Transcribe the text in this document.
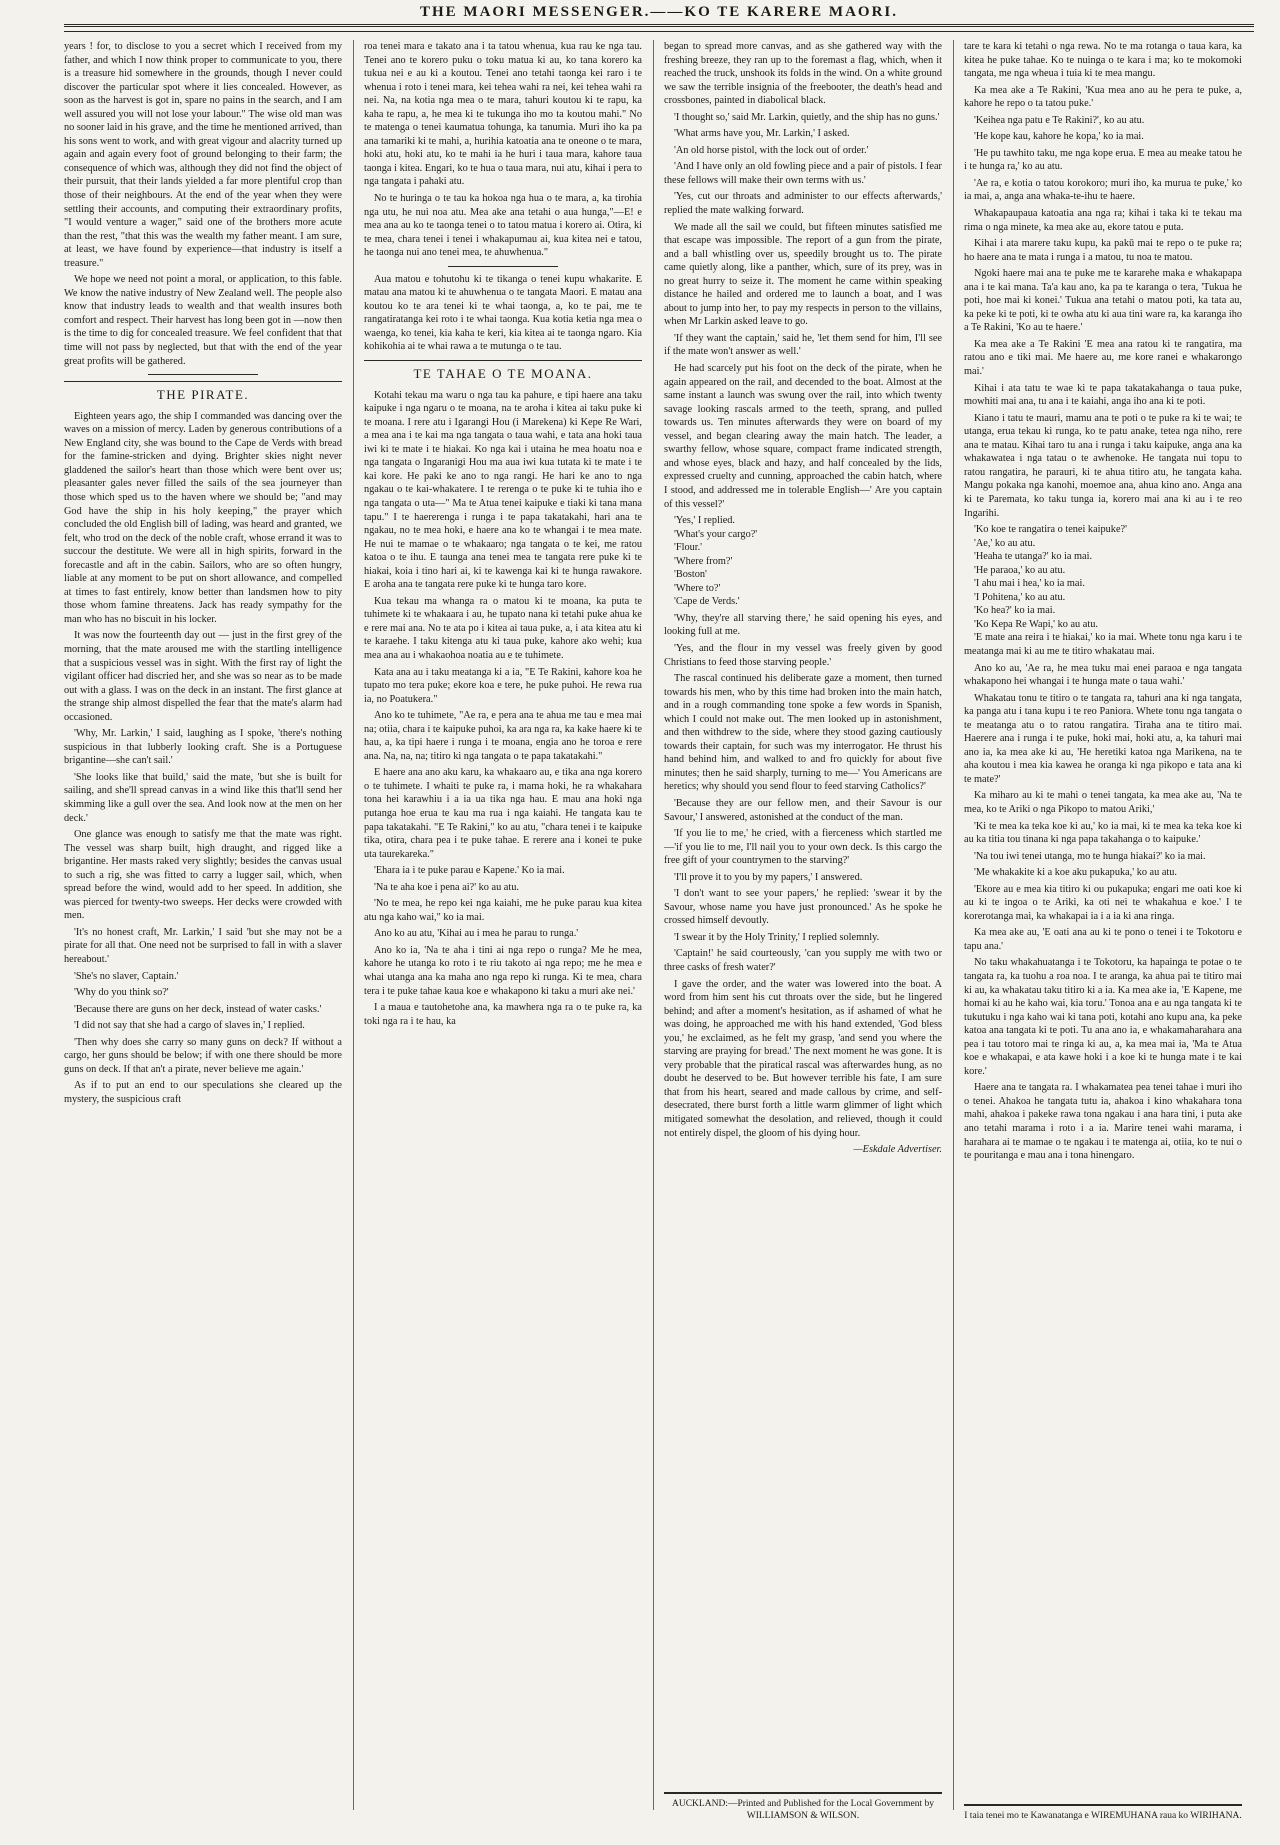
THE MAORI MESSENGER.——KO TE KARERE MAORI.

years ! for, to disclose to you a secret which I received from my father, and which I now think proper to communicate to you, there is a treasure hid somewhere in the grounds, though I never could discover the particular spot where it lies concealed. However, as soon as the harvest is got in, spare no pains in the search, and I am well assured you will not lose your labour." The wise old man was no sooner laid in his grave, and the time he mentioned arrived, than his sons went to work, and with great vigour and alacrity turned up again and again every foot of ground belonging to their farm; the consequence of which was, although they did not find the object of their pursuit, that their lands yielded a far more plentiful crop than those of their neighbours. At the end of the year when they were settling their accounts, and computing their extraordinary profits, "I would venture a wager," said one of the brothers more acute than the rest, "that this was the wealth my father meant. I am sure, at least, we have found by experience—that industry is itself a treasure."

We hope we need not point a moral, or application, to this fable. We know the native industry of New Zealand well. The people also know that industry leads to wealth and that wealth insures both comfort and respect. Their harvest has long been got in —now then is the time to dig for concealed treasure. We feel confident that that time will not pass by neglected, but that with the end of the year great profits will be gathered.

THE PIRATE.

Eighteen years ago, the ship I commanded was dancing over the waves on a mission of mercy. Laden by generous contributions of a New England city, she was bound to the Cape de Verds with bread for the famine-stricken and dying. Brighter skies night never gladdened the sailor's heart than those which were bent over us; pleasanter gales never filled the sails of the sea journeyer than those which sped us to the haven where we should be; "and may God have the ship in his holy keeping," the prayer which concluded the old English bill of lading, was heard and granted, we felt, who trod on the deck of the noble craft, whose errand it was to succour the destitute. We were all in high spirits, forward in the forecastle and aft in the cabin. Sailors, who are so often hungry, liable at any moment to be put on short allowance, and compelled at times to fast entirely, know better than landsmen how to pity those whom famine threatens. Jack has ready sympathy for the man who has no biscuit in his locker.

It was now the fourteenth day out — just in the first grey of the morning, that the mate aroused me with the startling intelligence that a suspicious vessel was in sight. With the first ray of light the vigilant officer had discried her, and she was so near as to be made out with a glass. I was on the deck in an instant. The first glance at the strange ship almost dispelled the fear that the mate's alarm had occasioned.

'Why, Mr. Larkin,' I said, laughing as I spoke, 'there's nothing suspicious in that lubberly looking craft. She is a Portuguese brigantine—she can't sail.'

'She looks like that build,' said the mate, 'but she is built for sailing, and she'll spread canvas in a wind like this that'll send her skimming like a gull over the sea. And look now at the men on her deck.'

One glance was enough to satisfy me that the mate was right. The vessel was sharp built, high draught, and rigged like a brigantine. Her masts raked very slightly; besides the canvas usual to such a rig, she was fitted to carry a lugger sail, which, when spread before the wind, would add to her speed. In addition, she was pierced for twenty-two sweeps. Her decks were crowded with men.

'It's no honest craft, Mr. Larkin,' I said 'but she may not be a pirate for all that. One need not be surprised to fall in with a slaver hereabout.'

'She's no slaver, Captain.'

'Why do you think so?'

'Because there are guns on her deck, instead of water casks.'

'I did not say that she had a cargo of slaves in,' I replied.

'Then why does she carry so many guns on deck? If without a cargo, her guns should be below; if with one there should be more guns on deck. If that an't a pirate, never believe me again.'

As if to put an end to our speculations she cleared up the mystery, the suspicious craft

roa tenei mara e takato ana i ta tatou whenua, kua rau ke nga tau. Tenei ano te korero puku o toku matua ki au, ko tana korero ka tukua nei e au ki a koutou. Tenei ano tetahi taonga kei raro i te whenua i roto i tenei mara, kei tehea wahi ra nei, kei tehea wahi ra nei. Na, na kotia nga mea o te mara, tahuri koutou ki te rapu, ka kaha te rapu, a, he mea ki te tukunga iho mo ta koutou mahi." No te matenga o tenei kaumatua tohunga, ka tanumia. Muri iho ka pa ana tamariki ki te mahi, a, hurihia katoatia ana te oneone o te mara, hoki atu, hoki atu, ko te mahi ia he huri i taua mara, kahore taua taonga i kitea. Engari, ko te hua o taua mara, nui atu, kihai i pera to nga tangata i pahaki atu.

No te huringa o te tau ka hokoa nga hua o te mara, a, ka tirohia nga utu, he nui noa atu. Mea ake ana tetahi o aua hunga,"—E! e mea ana au ko te taonga tenei o to tatou matua i korero ai. Otira, ki te mea, chara tenei i tenei i whakapumau ai, kua kitea nei e tatou, he taonga nui ano tenei mea, te ahuwhenua."

Aua matou e tohutohu ki te tikanga o tenei kupu whakarite. E matau ana matou ki te ahuwhenua o te tangata Maori. E matau ana koutou ko te ara tenei ki te whai taonga, a, ko te pai, me te rangatiratanga kei roto i te whai taonga. Kua kotia ketia nga mea o waenga, ko tenei, kia kaha te keri, kia kitea ai te taonga ngaro. Kia kohikohia ai te whai rawa a te mutunga o te tau.

TE TAHAE O TE MOANA.

Kotahi tekau ma waru o nga tau ka pahure, e tipi haere ana taku kaipuke i nga ngaru o te moana, na te aroha i kitea ai taku puke ki te moana. I rere atu i Igarangi Hou (i Marekena) ki Kepe Re Wari, a mea ana i te kai ma nga tangata o taua wahi, e tata ana hoki taua iwi ki te mate i te hiakai. Ko nga kai i utaina he mea hoatu noa e nga tangata o Ingaranigi Hou ma aua iwi kua tutata ki te mate i te kai kore. He paki ke ano to nga rangi. He hari ke ano to nga ngakau o te kai-whakatere. I te rerenga o te puke ki te tuhia iho e nga tangata o uta—" Ma te Atua tenei kaipuke e tiaki ki tana mana tapu." I te haererenga i runga i te papa takatakahi, hari ana te ngakau, no te mea hoki, e haere ana ko te whangai i te mea mate. He nui te mamae o te whakaaro; nga tangata o te kei, me ratou katoa o te ihu. E taunga ana tenei mea te tangata rere puke ki te hiakai, koia i tino hari ai, ki te kawenga kai ki te hunga rawakore. E aroha ana te tangata rere puke ki te hunga taro kore.

Kua tekau ma whanga ra o matou ki te moana, ka puta te tuhimete ki te whakaara i au, he tupato nana ki tetahi puke ahua ke e rere mai ana. No te ata po i kitea ai taua puke, a, i ata kitea atu ki te karaehe. I taku kitenga atu ki taua puke, kahore ako wehi; kua mea ana au i whakaohoa noatia au e te tuhimete.

Kata ana au i taku meatanga ki a ia, "E Te Rakini, kahore koa he tupato mo tera puke; ekore koa e tere, he puke puhoi. He rewa rua ia, no Poatukera."

Ano ko te tuhimete, "Ae ra, e pera ana te ahua me tau e mea mai na; otiia, chara i te kaipuke puhoi, ka ara nga ra, ka kake haere ki te hau, a, ka tipi haere i runga i te moana, engia ano he toroa e rere ana. Na, na, na; titiro ki nga tangata o te papa takatakahi."

E haere ana ano aku karu, ka whakaaro au, e tika ana nga korero o te tuhimete. I whaiti te puke ra, i mama hoki, he ra whakahara tona hei karawhiu i a ia ua tika nga hau. E mau ana hoki nga putanga hoe erua te kau ma rua i nga kaiahi. He tangata kau te papa takatakahi. "E Te Rakini," ko au atu, "chara tenei i te kaipuke tika, otira, chara pea i te puke tahae. E rerere ana i konei te puke uta taurekareka."

'Ehara ia i te puke parau e Kapene.' Ko ia mai.

'Na te aha koe i pena ai?' ko au atu.

'No te mea, he repo kei nga kaiahi, me he puke parau kua kitea atu nga kaho wai," ko ia mai.

Ano ko au atu, 'Kihai au i mea he parau to runga.'

Ano ko ia, 'Na te aha i tini ai nga repo o runga? Me he mea, kahore he utanga ko roto i te riu takoto ai nga repo; me he mea e whai utanga ana ka maha ano nga repo ki runga. Ki te mea, chara tera i te puke tahae kaua koe e whakapono ki taku a muri ake nei.'

I a maua e tautohetohe ana, ka mawhera nga ra o te puke ra, ka toki nga ra i te hau, ka

began to spread more canvas, and as she gathered way with the freshing breeze, they ran up to the foremast a flag, which, when it reached the truck, unshook its folds in the wind. On a white ground we saw the terrible insignia of the freebooter, the death's head and crossbones, painted in diabolical black.

'I thought so,' said Mr. Larkin, quietly, and the ship has no guns.'

'What arms have you, Mr. Larkin,' I asked.

'An old horse pistol, with the lock out of order.'

'And I have only an old fowling piece and a pair of pistols. I fear these fellows will make their own terms with us.'

'Yes, cut our throats and administer to our effects afterwards,' replied the mate walking forward.

We made all the sail we could, but fifteen minutes satisfied me that escape was impossible. The report of a gun from the pirate, and a ball whistling over us, speedily brought us to. The pirate came quietly along, like a panther, which, sure of its prey, was in no great hurry to seize it. The moment he came within speaking distance he hailed and ordered me to launch a boat, and I was about to jump into her, to pay my respects in person to the villains, when Mr Larkin asked leave to go.

'If they want the captain,' said he, 'let them send for him, I'll see if the mate won't answer as well.'

He had scarcely put his foot on the deck of the pirate, when he again appeared on the rail, and decended to the boat. Almost at the same instant a launch was swung over the rail, into which twenty savage looking rascals armed to the teeth, sprang, and pulled towards us. Ten minutes afterwards they were on board of my vessel, and began clearing away the main hatch. The leader, a swarthy fellow, whose square, compact frame indicated strength, and whose eyes, black and hazy, and half concealed by the lids, expressed cruelty and cunning, approached the cabin hatch, where I stood, and addressed me in tolerable English—' Are you captain of this vessel?'

'Yes,' I replied.

'What's your cargo?'

'Flour.'

'Where from?'

'Boston'

'Where to?'

'Cape de Verds.'

'Why, they're all starving there,' he said opening his eyes, and looking full at me.

'Yes, and the flour in my vessel was freely given by good Christians to feed those starving people.'

The rascal continued his deliberate gaze a moment, then turned towards his men, who by this time had broken into the main hatch, and in a rough commanding tone spoke a few words in Spanish, which I could not make out. The men looked up in astonishment, and then withdrew to the side, where they stood gazing cautiously towards their captain, for such was my interrogator. He thrust his hand behind him, and walked to and fro quickly for about five minutes; then he said sharply, turning to me—' You Americans are heretics; why should you send flour to feed starving Catholics?'

'Because they are our fellow men, and their Savour is our Savour,' I answered, astonished at the conduct of the man.

'If you lie to me,' he cried, with a fierceness which startled me—'if you lie to me, I'll nail you to your own deck. Is this cargo the free gift of your countrymen to the starving?'

'I'll prove it to you by my papers,' I answered.

'I don't want to see your papers,' he replied: 'swear it by the Savour, whose name you have just pronounced.' As he spoke he crossed himself devoutly.

'I swear it by the Holy Trinity,' I replied solemnly.

'Captain!' he said courteously, 'can you supply me with two or three casks of fresh water?'

I gave the order, and the water was lowered into the boat. A word from him sent his cut throats over the side, but he lingered behind; and after a moment's hesitation, as if ashamed of what he was doing, he approached me with his hand extended, 'God bless you,' he exclaimed, as he felt my grasp, 'and send you where the starving are praying for bread.' The next moment he was gone. It is very probable that the piratical rascal was afterwardes hung, as no doubt he deserved to be. But however terrible his fate, I am sure that from his heart, seared and made callous by crime, and self-desecrated, there burst forth a little warm glimmer of light which mitigated somewhat the desolation, and relieved, though it could not entirely dispel, the gloom of his dying hour.

—Eskdale Advertiser.

AUCKLAND:—Printed and Published for the Local Government by WILLIAMSON & WILSON.

tare te kara ki tetahi o nga rewa. No te ma rotanga o taua kara, ka kitea he puke tahae. Ko te nuinga o te kara i ma; ko te mokomoki tangata, me nga wheua i tuia ki te mea mangu.

Ka mea ake a Te Rakini, 'Kua mea ano au he pera te puke, a, kahore he repo o ta tatou puke.'

'Keihea nga patu e Te Rakini?', ko au atu.

'He kope kau, kahore he kopa,' ko ia mai.

'He pu tawhito taku, me nga kope erua. E mea au meake tatou he i te hunga ra,' ko au atu.

'Ae ra, e kotia o tatou korokoro; muri iho, ka muruа te puke,' ko ia mai, a, anga ana whaka-te-ihu te haere.

Whakapaupaua katoatia ana nga ra; kihai i taka ki te tekau ma rima o nga minete, ka mea ake au, ekore tatou e puta.

Kihai i ata marere taku kupu, ka pakū mai te repo o te puke ra; ho haere ana te mata i runga i a matou, tu noa te matou.

Ngoki haere mai ana te puke me te kararehe maka e whakapapa ana i te kai mana. Ta'a kau ano, ka pa te karanga o tera, 'Tukua he poti, hoe mai ki konei.' Tukua ana tetahi o matou poti, ka tata au, ka peke ki te poti, ki te owha atu ki aua tini ware ra, ka karanga iho a Te Rakini, 'Ko au te haere.'

Ka mea ake a Te Rakini 'E mea ana ratou ki te rangatira, ma ratou ano e tiki mai. Me haere au, me kore ranei e whakarongo mai.'

Kihai i ata tatu te wae ki te papa takatakahanga o taua puke, mowhiti mai ana, tu ana i te kaiahi, anga iho ana ki te poti.

Kiano i tatu te mauri, mamu ana te poti o te puke ra ki te wai; te utanga, erua tekau ki runga, ko te patu anake, tetea nga niho, rere ana te matau. Kihai taro tu ana i runga i taku kaipuke, anga ana ka whakawatea i nga tatau o te awhenoke. He tangata nui topu to ratou rangatira, he parauri, ki te ahua titiro atu, he tangata kaha. Mangu pokaka nga kanohi, moemoe ana, ahua kino ano. Anga ana ki te Paremata, ko taku tunga ia, korero mai ana ki au i te reo Ingarihi.

'Ko koe te rangatira o tenei kaipuke?'

'Ae,' ko au atu.

'Heaha te utanga?' ko ia mai.

'He paraoa,' ko au atu.

'I ahu mai i hea,' ko ia mai.

'I Pohitena,' ko au atu.

'Ko hea?' ko ia mai.

'Ko Kepa Re Wapi,' ko au atu.

'E mate ana reira i te hiakai,' ko ia mai. Whete tonu nga karu i te meatanga mai ki au me te titiro whakatau mai.

Ano ko au, 'Ae ra, he mea tuku mai enei paraoa e nga tangata whakapono hei whangai i te hunga mate o taua wahi.'

Whakatau tonu te titiro o te tangata ra, tahuri ana ki nga tangata, ka panga atu i tana kupu i te reo Paniora. Whete tonu nga tangata o te meatanga atu o to ratou rangatira. Tiraha ana te titiro mai. Haerere ana i runga i te puke, hoki mai, hoki atu, a, ka tahuri mai ano ia, ka mea ake ki au, 'He heretiki katoa nga Marikena, na te aha koutou i mea kia kawea he oranga ki nga pikopo e tata ana ki te mate?'

Ka miharo au ki te mahi o tenei tangata, ka mea ake au, 'Na te mea, ko te Ariki o nga Pikopo to matou Ariki,'

'Ki te mea ka teka koe ki au,' ko ia mai, ki te mea ka teka koe ki au ka titia tou tinana ki nga papa takahanga o to kaipuke.'

'Na tou iwi tenei utanga, mo te hunga hiakai?' ko ia mai.

'Me whakakite ki a koe aku pukapuka,' ko au atu.

'Ekore au e mea kia titiro ki ou pukapuka; engari me oati koe ki au ki te ingoa o te Ariki, ka oti nei te whakahua e koe.' I te korerotanga mai, ka whakapai ia i a ia ki ana ringa.

Ka mea ake au, 'E oati ana au ki te pono o tenei i te Tokotoru e tapu ana.'

No taku whakahuatanga i te Tokotoru, ka hapainga te potae o te tangata ra, ka tuohu a roa noa. I te aranga, ka ahua pai te titiro mai ki au, ka whakatau taku titiro ki a ia. Ka mea ake ia, 'E Kapene, me homai ki au he kaho wai, kia toru.' Tonoa ana e au nga tangata ki te tukutuku i nga kaho wai ki tana poti, kotahi ano kupu ana, ka peke katoa ana tangata ki te poti. Tu ana ano ia, e whakamaharahara ana pea i tau totoro mai te ringa ki au, a, ka mea mai ia, 'Ma te Atua koe e whakapai, e ata kawe hoki i a koe ki te hunga mate i te kai kore.'

Haere ana te tangata ra. I whakamatea pea tenei tahae i muri iho o tenei. Ahakoa he tangata tutu ia, ahakoa i kino whakahara tona mahi, ahakoa i pakeke rawa tona ngakau i ana hara tini, i puta ake ano tetahi marama i roto i a ia. Marire tenei wahi marama, i harahara ai te mamae o te ngakau i te matenga ai, otiia, ko te nui o te pouritanga e mau ana i tona hinengaro.

I taia tenei mo te Kawanatanga e WIREMUHANA raua ko WIRIHANA.
